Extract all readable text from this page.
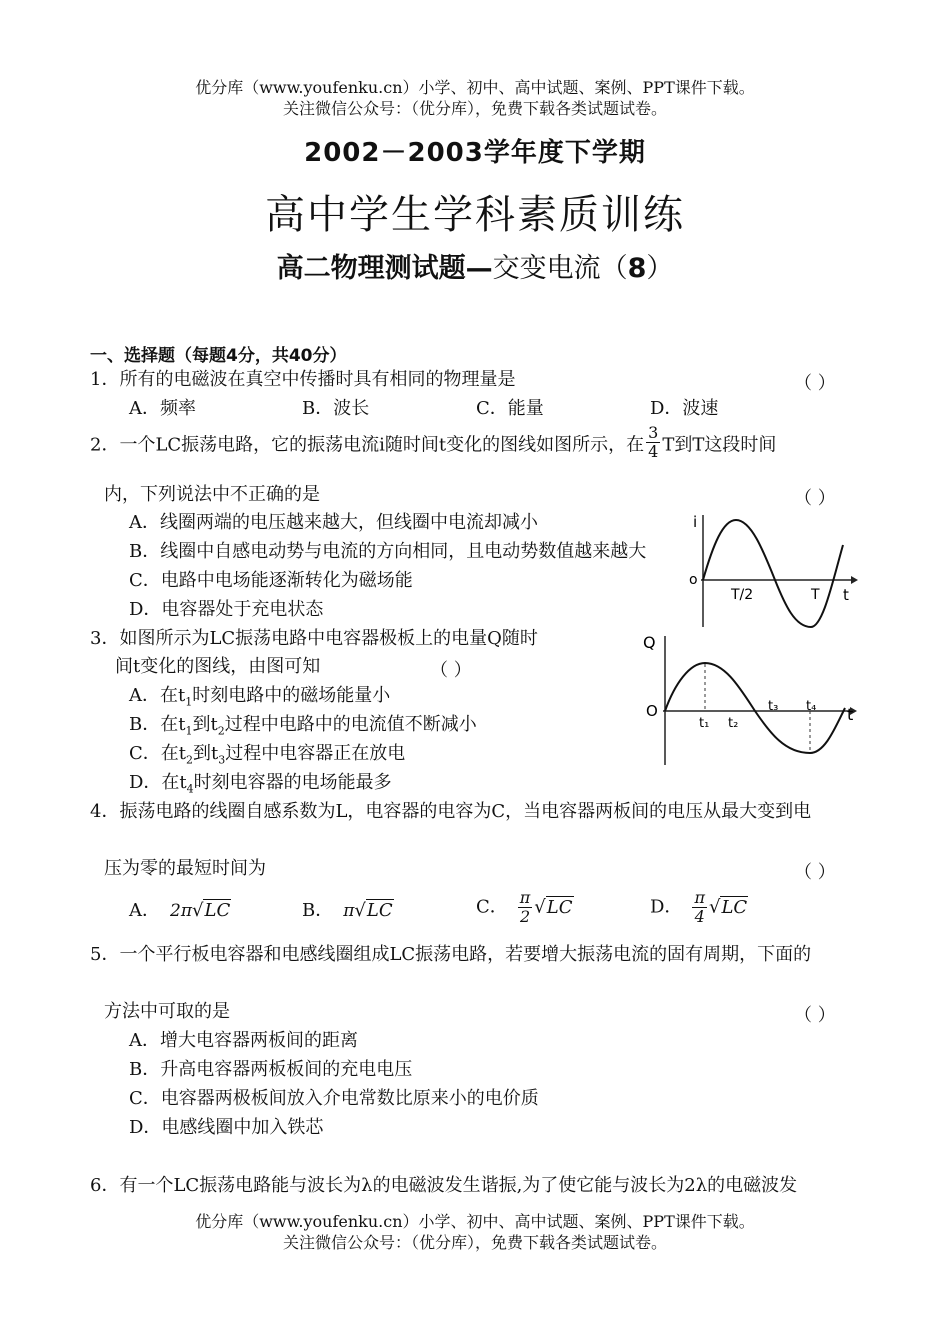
优分库（www.youfenku.cn）小学、初中、高中试题、案例、PPT课件下载。
关注微信公众号：（优分库），免费下载各类试题试卷。
2002－2003学年度下学期
高中学生学科素质训练
高二物理测试题—交变电流（8）
一、选择题（每题4分，共40分）
1．所有的电磁波在真空中传播时具有相同的物理量是	（ ）
A．频率	B．波长	C．能量	D．波速
2．一个LC振荡电路，它的振荡电流i随时间t变化的图线如图所示，在 $\frac{3}{4}$ T到T这段时间
内，下列说法中不正确的是	（ ）
A．线圈两端的电压越来越大，但线圈中电流却减小
B．线圈中自感电动势与电流的方向相同，且电动势数值越来越大
C．电路中电场能逐渐转化为磁场能
D．电容器处于充电状态
i
o
t
T/2	T
3．如图所示为LC振荡电路中电容器极板上的电量Q随时
间t变化的图线，由图可知	（ ）
A．在$t_1$时刻电路中的磁场能量小
B．在$t_1$到$t_2$过程中电路中的电流值不断减小
C．在$t_2$到$t_3$过程中电容器正在放电
D．在$t_4$时刻电容器的电场能最多
Q
O	t
t₁ t₂
t₃ t₄
4．振荡电路的线圈自感系数为L，电容器的电容为C，当电容器两板间的电压从最大变到电
压为零的最短时间为	（ ）
A． 2π√LC	B． π√LC	C． $\frac{\pi}{2} √LC$	D． $\frac{\pi}{4} √LC$
5．一个平行板电容器和电感线圈组成LC振荡电路，若要增大振荡电流的固有周期，下面的
方法中可取的是	（ ）
A．增大电容器两板间的距离
B．升高电容器两板板间的充电电压
C．电容器两极板间放入介电常数比原来小的电价质
D．电感线圈中加入铁芯
6．有一个LC振荡电路能与波长为λ的电磁波发生谐振,为了使它能与波长为2λ的电磁波发
优分库（www.youfenku.cn）小学、初中、高中试题、案例、PPT课件下载。
关注微信公众号：（优分库），免费下载各类试题试卷。
